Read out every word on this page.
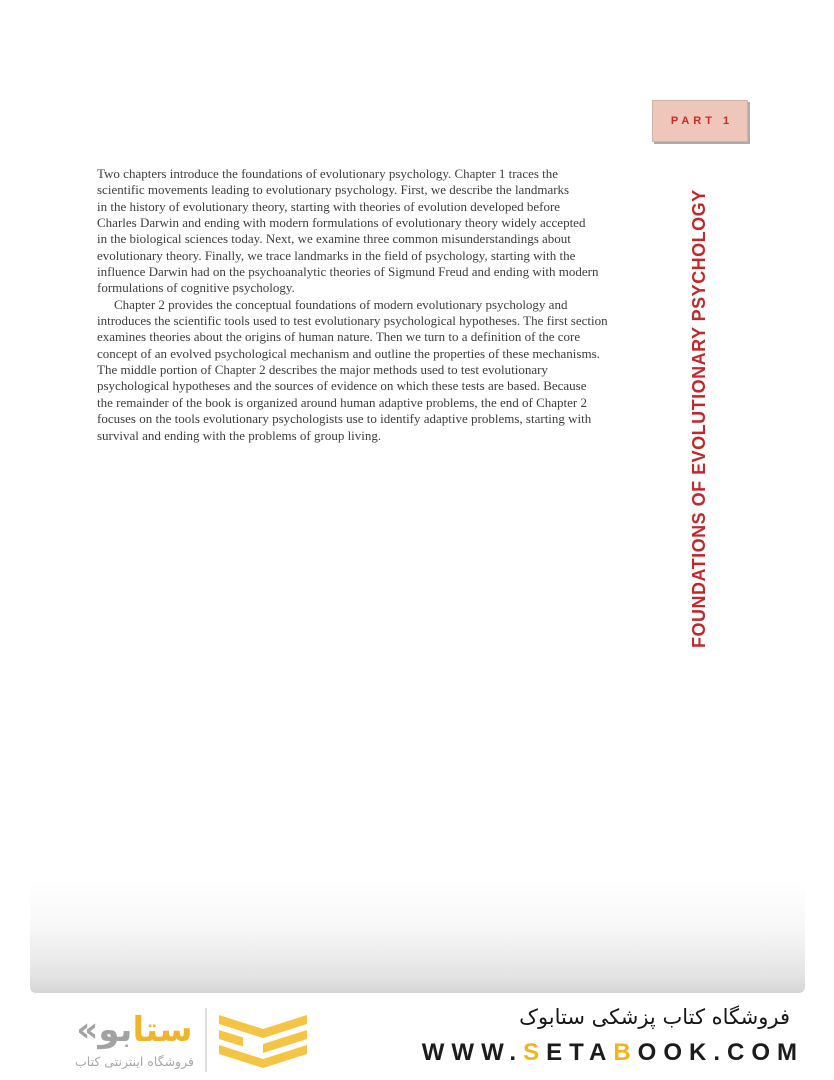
PART 1

Two chapters introduce the foundations of evolutionary psychology. Chapter 1 traces the
scientific movements leading to evolutionary psychology. First, we describe the landmarks
in the history of evolutionary theory, starting with theories of evolution developed before
Charles Darwin and ending with modern formulations of evolutionary theory widely accepted
in the biological sciences today. Next, we examine three common misunderstandings about
evolutionary theory. Finally, we trace landmarks in the field of psychology, starting with the
influence Darwin had on the psychoanalytic theories of Sigmund Freud and ending with modern
formulations of cognitive psychology.

Chapter 2 provides the conceptual foundations of modern evolutionary psychology and
introduces the scientific tools used to test evolutionary psychological hypotheses. The first section
examines theories about the origins of human nature. Then we turn to a definition of the core
concept of an evolved psychological mechanism and outline the properties of these mechanisms.
The middle portion of Chapter 2 describes the major methods used to test evolutionary
psychological hypotheses and the sources of evidence on which these tests are based. Because
the remainder of the book is organized around human adaptive problems, the end of Chapter 2
focuses on the tools evolutionary psychologists use to identify adaptive problems, starting with
survival and ending with the problems of group living.	FOUNDATIONS OF EVOLUTIONARY PSYCHOLOGY
ستابو«
فروشگاه اینترنتی کتاب
فروشگاه کتاب پزشکی ستابوک
WWW.SETABOOK.COM
